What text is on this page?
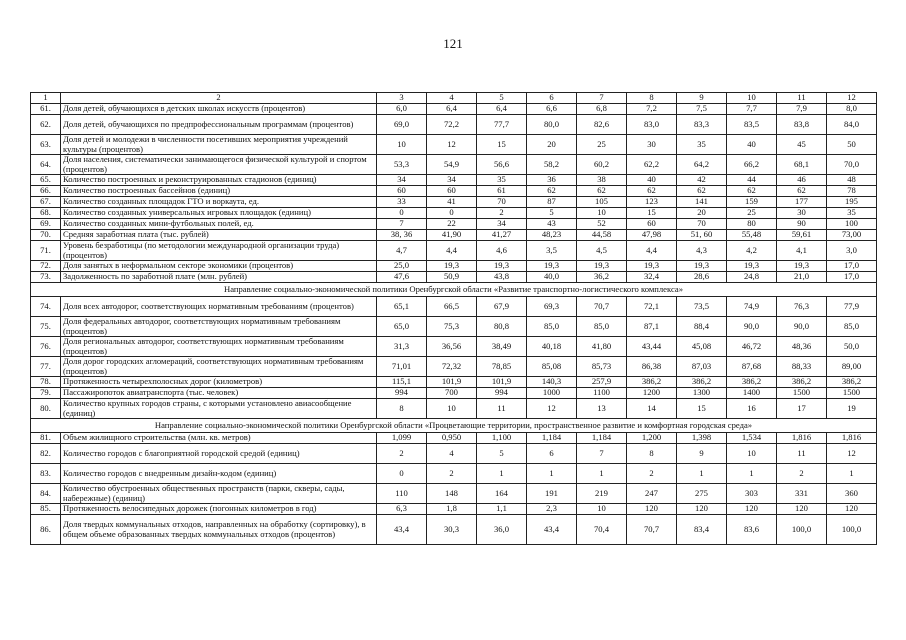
121
1	2	3	4	5	6	7	8	9	10	11	12
61.	Доля детей, обучающихся в детских школах искусств (процентов)	6,0	6,4	6,4	6,6	6,8	7,2	7,5	7,7	7,9	8,0
62.	Доля детей, обучающихся по предпрофессиональным программам (процентов)	69,0	72,2	77,7	80,0	82,6	83,0	83,3	83,5	83,8	84,0
63.	Доля детей и молодежи в численности посетивших мероприятия учреждений культуры (процентов)	10	12	15	20	25	30	35	40	45	50
64.	Доля населения, систематически занимающегося физической культурой и спортом (процентов)	53,3	54,9	56,6	58,2	60,2	62,2	64,2	66,2	68,1	70,0
65.	Количество построенных и реконструированных стадионов (единиц)	34	34	35	36	38	40	42	44	46	48
66.	Количество построенных бассейнов (единиц)	60	60	61	62	62	62	62	62	62	78
67.	Количество созданных площадок ГТО и воркаута, ед.	33	41	70	87	105	123	141	159	177	195
68.	Количество созданных универсальных игровых площадок (единиц)	0	0	2	5	10	15	20	25	30	35
69.	Количество созданных мини-футбольных полей, ед.	7	22	34	43	52	60	70	80	90	100
70.	Средняя заработная плата (тыс. рублей)	38, 36	41,90	41,27	48,23	44,58	47,98	51, 60	55,48	59,61	73,00
71.	Уровень безработицы (по методологии международной организации труда) (процентов)	4,7	4,4	4,6	3,5	4,5	4,4	4,3	4,2	4,1	3,0
72.	Доля занятых в неформальном секторе экономики (процентов)	25,0	19,3	19,3	19,3	19,3	19,3	19,3	19,3	19,3	17,0
73.	Задолженность по заработной плате (млн. рублей)	47,6	50,9	43,8	40,0	36,2	32,4	28,6	24,8	21,0	17,0
Направление социально-экономической политики Оренбургской области «Развитие транспортно-логистического комплекса»											
74.	Доля всех автодорог, соответствующих нормативным требованиям (процентов)	65,1	66,5	67,9	69,3	70,7	72,1	73,5	74,9	76,3	77,9
75.	Доля федеральных автодорог, соответствующих нормативным требованиям (процентов)	65,0	75,3	80,8	85,0	85,0	87,1	88,4	90,0	90,0	85,0
76.	Доля региональных автодорог, соответствующих нормативным требованиям (процентов)	31,3	36,56	38,49	40,18	41,80	43,44	45,08	46,72	48,36	50,0
77.	Доля дорог городских агломераций, соответствующих нормативным требованиям (процентов)	71,01	72,32	78,85	85,08	85,73	86,38	87,03	87,68	88,33	89,00
78.	Протяженность четырехполосных дорог (километров)	115,1	101,9	101,9	140,3	257,9	386,2	386,2	386,2	386,2	386,2
79.	Пассажиропоток авиатранспорта (тыс. человек)	994	700	994	1000	1100	1200	1300	1400	1500	1500
80.	Количество крупных городов страны, с которыми установлено авиасообщение (единиц)	8	10	11	12	13	14	15	16	17	19
Направление социально-экономической политики Оренбургской области «Процветающие территории, пространственное развитие и комфортная городская среда»											
81.	Объем жилищного строительства (млн. кв. метров)	1,099	0,950	1,100	1,184	1,184	1,200	1,398	1,534	1,816	1,816
82.	Количество городов с благоприятной городской средой (единиц)	2	4	5	6	7	8	9	10	11	12
83.	Количество городов с внедренным дизайн-кодом (единиц)	0	2	1	1	1	2	1	1	2	1
84.	Количество обустроенных общественных пространств (парки, скверы, сады, набережные) (единиц)	110	148	164	191	219	247	275	303	331	360
85.	Протяженность велосипедных дорожек (погонных километров в год)	6,3	1,8	1,1	2,3	10	120	120	120	120	120
86.	Доля твердых коммунальных отходов, направленных на обработку (сортировку), в общем объеме образованных твердых коммунальных отходов (процентов)	43,4	30,3	36,0	43,4	70,4	70,7	83,4	83,6	100,0	100,0
